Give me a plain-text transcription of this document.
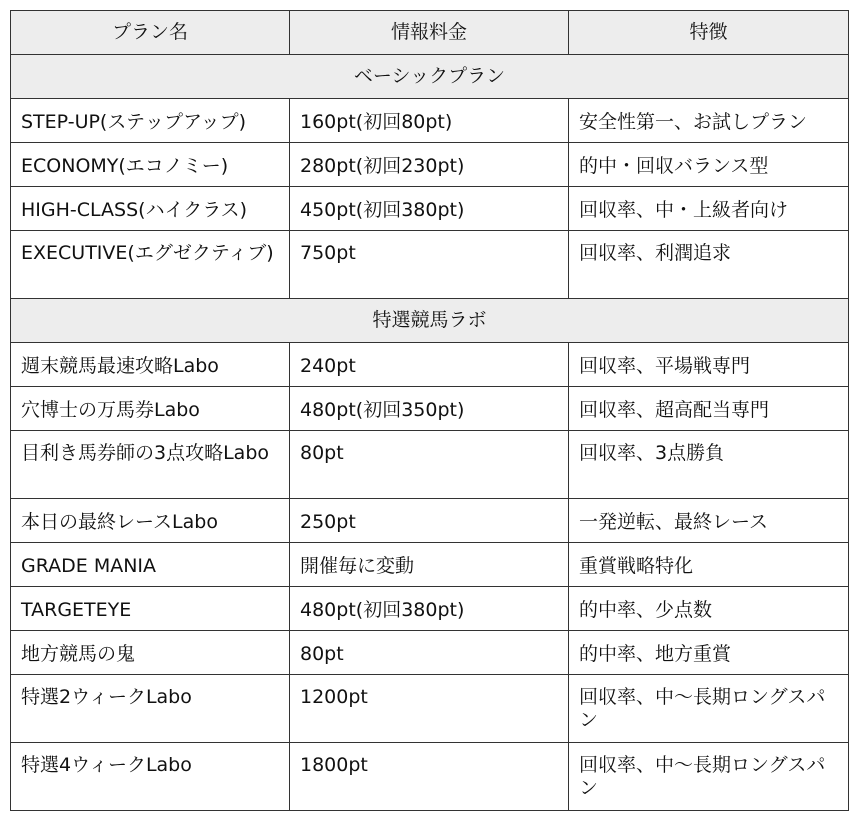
プラン名	情報料金	特徴
ベーシックプラン		
STEP-UP(ステップアップ)	160pt(初回80pt)	安全性第一、お試しプラン
ECONOMY(エコノミー)	280pt(初回230pt)	的中・回収バランス型
HIGH-CLASS(ハイクラス)	450pt(初回380pt)	回収率、中・上級者向け
EXECUTIVE(エグゼクティブ)	750pt	回収率、利潤追求
特選競馬ラボ		
週末競馬最速攻略Labo	240pt	回収率、平場戦専門
穴博士の万馬券Labo	480pt(初回350pt)	回収率、超高配当専門
目利き馬券師の3点攻略Labo	80pt	回収率、3点勝負
本日の最終レースLabo	250pt	一発逆転、最終レース
GRADE MANIA	開催毎に変動	重賞戦略特化
TARGETEYE	480pt(初回380pt)	的中率、少点数
地方競馬の鬼	80pt	的中率、地方重賞
特選2ウィークLabo	1200pt	回収率、中〜長期ロングスパン
特選4ウィークLabo	1800pt	回収率、中〜長期ロングスパン
